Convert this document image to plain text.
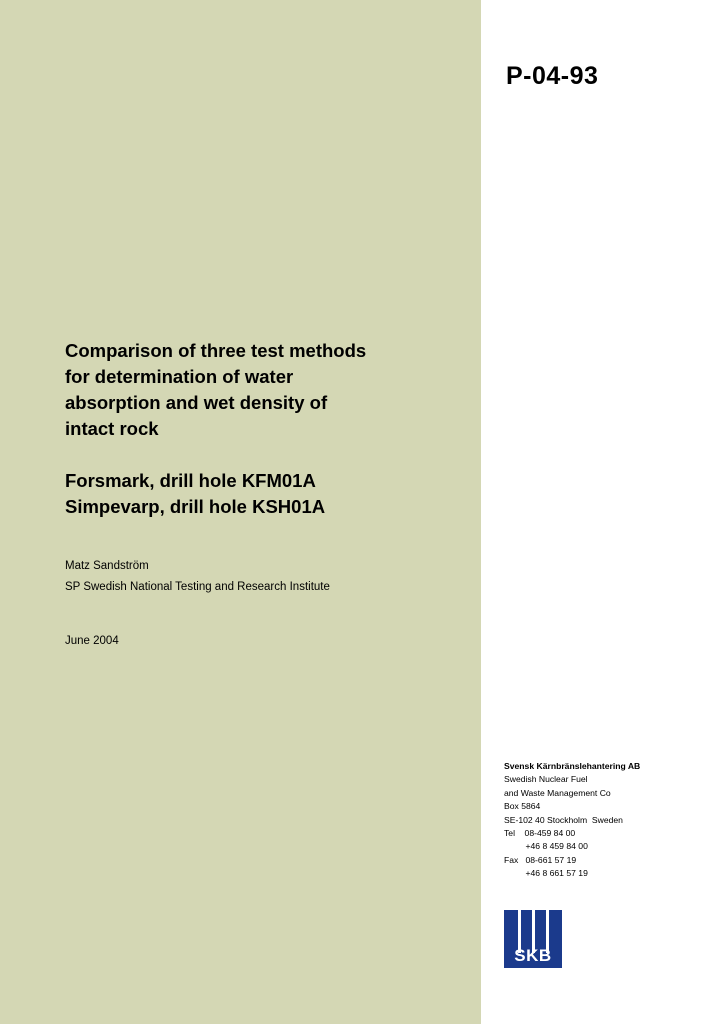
P-04-93
Comparison of three test methods
for determination of water
absorption and wet density of
intact rock
Forsmark, drill hole KFM01A
Simpevarp, drill hole KSH01A
Matz Sandström
SP Swedish National Testing and Research Institute
June 2004
Svensk Kärnbränslehantering AB
Swedish Nuclear Fuel
and Waste Management Co
Box 5864
SE-102 40 Stockholm  Sweden
Tel    08-459 84 00
+46 8 459 84 00
Fax   08-661 57 19
+46 8 661 57 19
SKB
